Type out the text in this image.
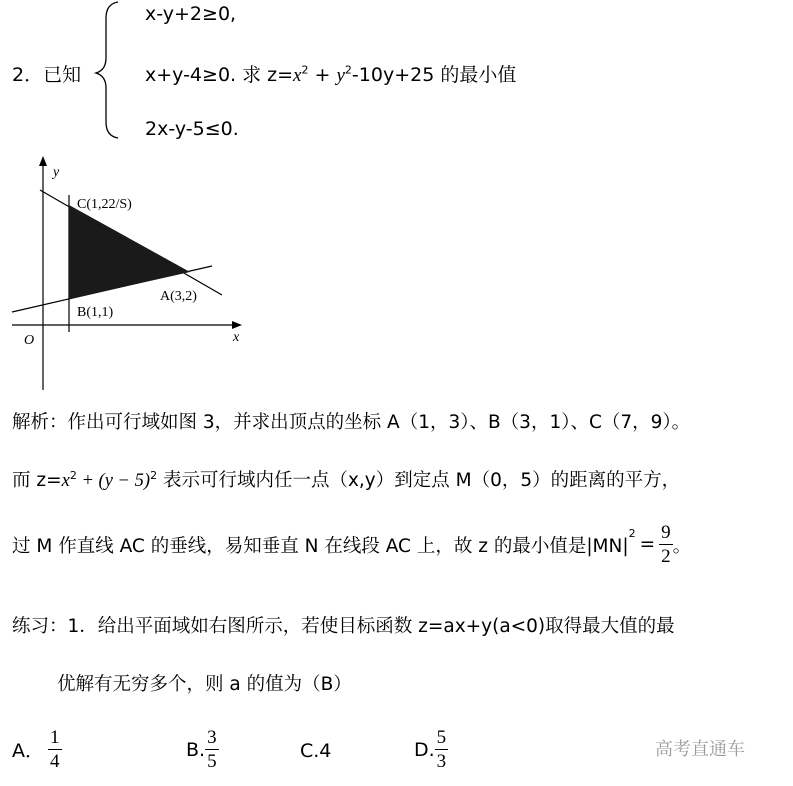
2．已知
x-y+2≥0,
x+y-4≥0. 求 $z=x^2 + y^2-10y+25$ 的最小值
2x-y-5≤0.
y
x
O
C(1,22/S)
B(1,1)
A(3,2)
解析：作出可行域如图 3，并求出顶点的坐标 A（1，3）、B（3，1）、C（7，9）。
而 $z=x^2 + (y - 5)^2$ 表示可行域内任一点（x,y）到定点 M（0，5）的距离的平方，
过 M 作直线 AC 的垂线，易知垂直 N 在线段 AC 上，故 z 的最小值是|MN|
$^2$
= $\frac{9}{2}$ 。
练习：1．给出平面域如右图所示，若使目标函数 z=ax+y(a<0)取得最大值的最
优解有无穷多个，则 a 的值为（B）
A． $\frac{1}{4}$	B. $\frac{3}{5}$	C.4	D. $\frac{5}{3}$	高考直通车
